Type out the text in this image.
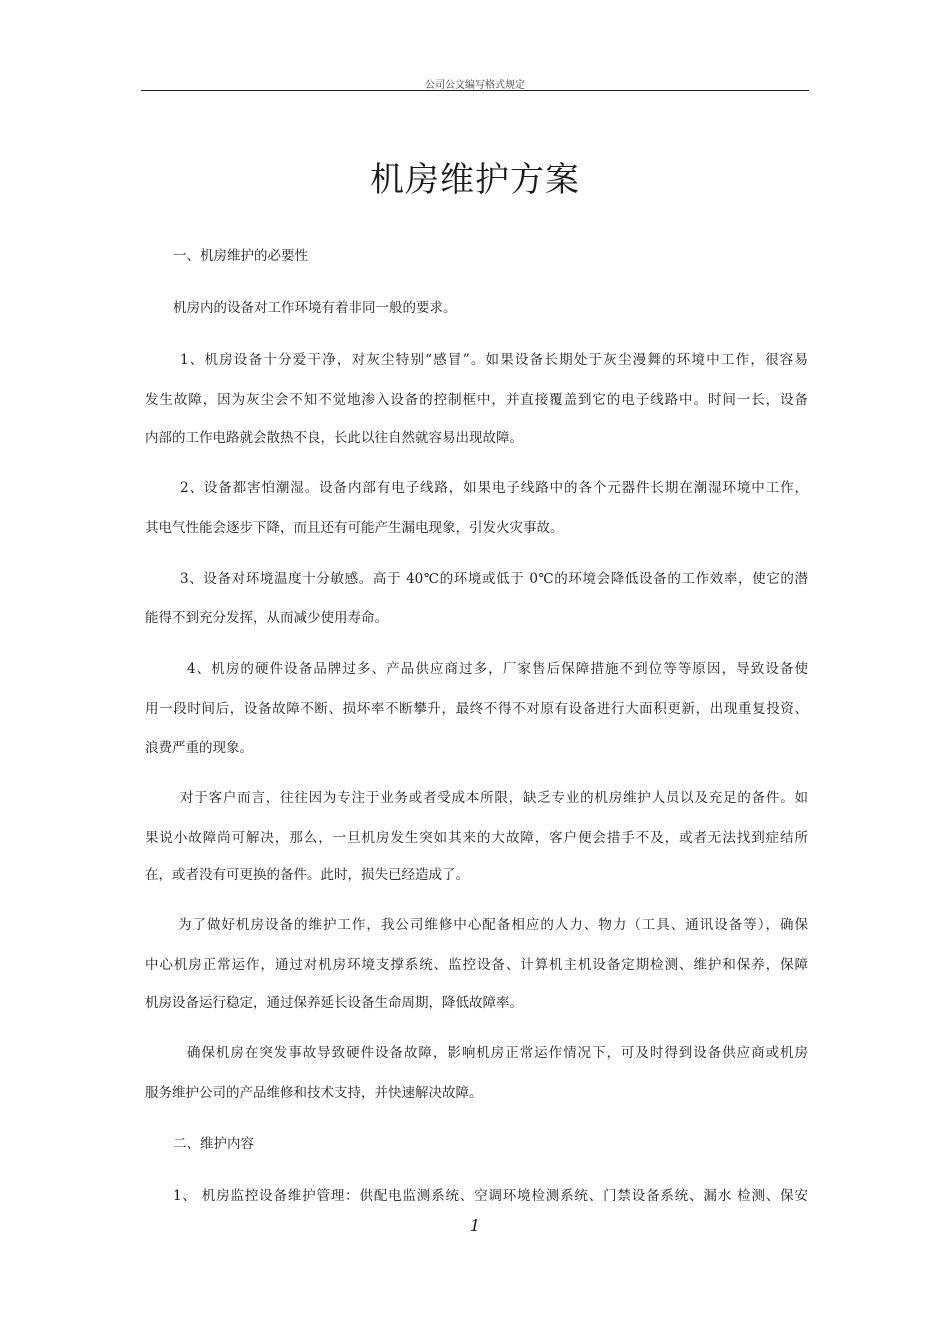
公司公文编写格式规定
机房维护方案
一、机房维护的必要性
机房内的设备对工作环境有着非同一般的要求。
1、机房设备十分爱干净，对灰尘特别“感冒”。如果设备长期处于灰尘漫舞的环境中工作，很容易
发生故障，因为灰尘会不知不觉地渗入设备的控制框中，并直接覆盖到它的电子线路中。时间一长，设备
内部的工作电路就会散热不良，长此以往自然就容易出现故障。
2、设备都害怕潮湿。设备内部有电子线路，如果电子线路中的各个元器件长期在潮湿环境中工作，
其电气性能会逐步下降，而且还有可能产生漏电现象，引发火灾事故。
3、设备对环境温度十分敏感。高于 40℃的环境或低于 0℃的环境会降低设备的工作效率，使它的潜
能得不到充分发挥，从而减少使用寿命。
4、机房的硬件设备品牌过多、产品供应商过多，厂家售后保障措施不到位等等原因，导致设备使
用一段时间后，设备故障不断、损坏率不断攀升，最终不得不对原有设备进行大面积更新，出现重复投资、
浪费严重的现象。
对于客户而言，往往因为专注于业务或者受成本所限，缺乏专业的机房维护人员以及充足的备件。如
果说小故障尚可解决，那么，一旦机房发生突如其来的大故障，客户便会措手不及，或者无法找到症结所
在，或者没有可更换的备件。此时，损失已经造成了。
为了做好机房设备的维护工作，我公司维修中心配备相应的人力、物力（工具、通讯设备等），确保
中心机房正常运作，通过对机房环境支撑系统、监控设备、计算机主机设备定期检测、维护和保养，保障
机房设备运行稳定，通过保养延长设备生命周期，降低故障率。
确保机房在突发事故导致硬件设备故障，影响机房正常运作情况下，可及时得到设备供应商或机房
服务维护公司的产品维修和技术支持，并快速解决故障。
二、维护内容
1、 机房监控设备维护管理：供配电监测系统、空调环境检测系统、门禁设备系统、漏水 检测、保安
1
